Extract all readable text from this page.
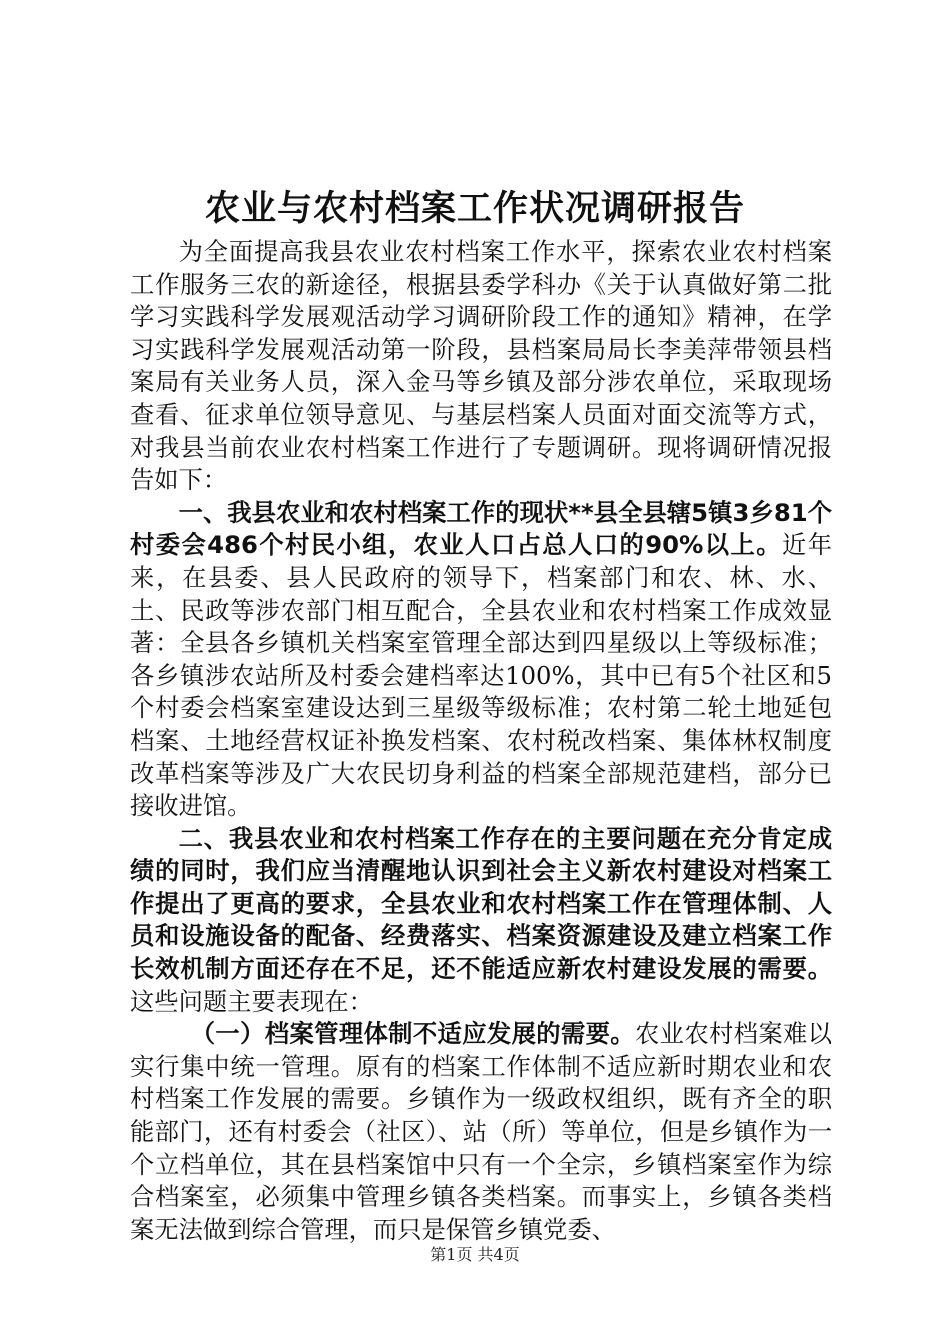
农业与农村档案工作状况调研报告

为全面提高我县农业农村档案工作水平，探索农业农村档案工作服务三农的新途径，根据县委学科办《关于认真做好第二批学习实践科学发展观活动学习调研阶段工作的通知》精神，在学习实践科学发展观活动第一阶段，县档案局局长李美萍带领县档案局有关业务人员，深入金马等乡镇及部分涉农单位，采取现场查看、征求单位领导意见、与基层档案人员面对面交流等方式，对我县当前农业农村档案工作进行了专题调研。现将调研情况报告如下：

一、我县农业和农村档案工作的现状**县全县辖5镇3乡81个村委会486个村民小组，农业人口占总人口的90%以上。近年来，在县委、县人民政府的领导下，档案部门和农、林、水、土、民政等涉农部门相互配合，全县农业和农村档案工作成效显著：全县各乡镇机关档案室管理全部达到四星级以上等级标准；各乡镇涉农站所及村委会建档率达100%，其中已有5个社区和5个村委会档案室建设达到三星级等级标准；农村第二轮土地延包档案、土地经营权证补换发档案、农村税改档案、集体林权制度改革档案等涉及广大农民切身利益的档案全部规范建档，部分已接收进馆。

二、我县农业和农村档案工作存在的主要问题在充分肯定成绩的同时，我们应当清醒地认识到社会主义新农村建设对档案工作提出了更高的要求，全县农业和农村档案工作在管理体制、人员和设施设备的配备、经费落实、档案资源建设及建立档案工作长效机制方面还存在不足，还不能适应新农村建设发展的需要。这些问题主要表现在：

（一）档案管理体制不适应发展的需要。农业农村档案难以实行集中统一管理。原有的档案工作体制不适应新时期农业和农村档案工作发展的需要。乡镇作为一级政权组织，既有齐全的职能部门，还有村委会（社区）、站（所）等单位，但是乡镇作为一个立档单位，其在县档案馆中只有一个全宗，乡镇档案室作为综合档案室，必须集中管理乡镇各类档案。而事实上，乡镇各类档案无法做到综合管理，而只是保管乡镇党委、

第1页 共4页
